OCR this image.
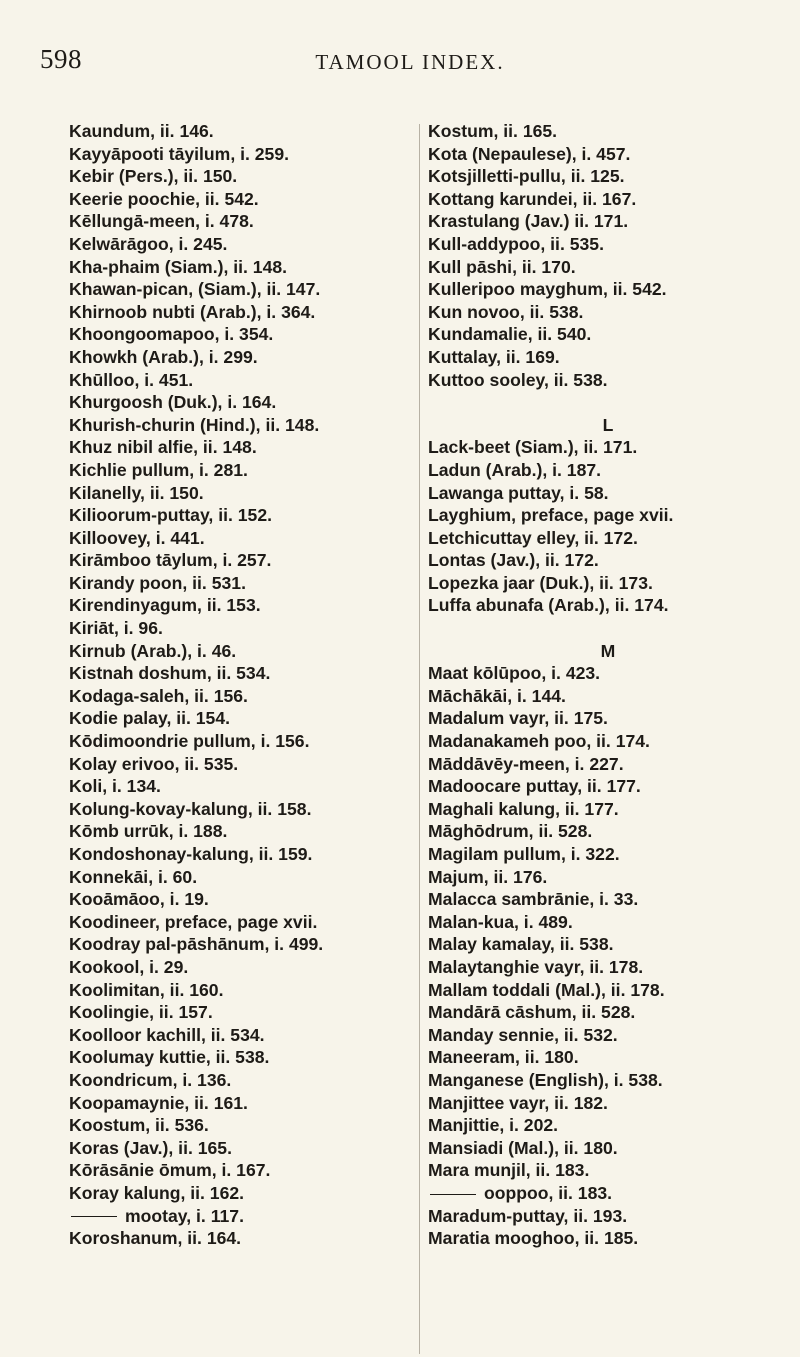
598	TAMOOL INDEX.
Kaundum, ii. 146.
Kayyāpooti tāyilum, i. 259.
Kebir (Pers.), ii. 150.
Keerie poochie, ii. 542.
Kēllungā-meen, i. 478.
Kelwārāgoo, i. 245.
Kha-phaim (Siam.), ii. 148.
Khawan-pican, (Siam.), ii. 147.
Khirnoob nubti (Arab.), i. 364.
Khoongoomapoo, i. 354.
Khowkh (Arab.), i. 299.
Khūlloo, i. 451.
Khurgoosh (Duk.), i. 164.
Khurish-churin (Hind.), ii. 148.
Khuz nibil alfie, ii. 148.
Kichlie pullum, i. 281.
Kilanelly, ii. 150.
Kilioorum-puttay, ii. 152.
Killoovey, i. 441.
Kirāmboo tāylum, i. 257.
Kirandy poon, ii. 531.
Kirendinyagum, ii. 153.
Kiriāt, i. 96.
Kirnub (Arab.), i. 46.
Kistnah doshum, ii. 534.
Kodaga-saleh, ii. 156.
Kodie palay, ii. 154.
Kōdimoondrie pullum, i. 156.
Kolay erivoo, ii. 535.
Koli, i. 134.
Kolung-kovay-kalung, ii. 158.
Kōmb urrūk, i. 188.
Kondoshonay-kalung, ii. 159.
Konnekāi, i. 60.
Kooāmāoo, i. 19.
Koodineer, preface, page xvii.
Koodray pal-pāshānum, i. 499.
Kookool, i. 29.
Koolimitan, ii. 160.
Koolingie, ii. 157.
Koolloor kachill, ii. 534.
Koolumay kuttie, ii. 538.
Koondricum, i. 136.
Koopamaynie, ii. 161.
Koostum, ii. 536.
Koras (Jav.), ii. 165.
Kōrāsānie ōmum, i. 167.
Koray kalung, ii. 162.
mootay, i. 117.
Koroshanum, ii. 164.
Kostum, ii. 165.
Kota (Nepaulese), i. 457.
Kotsjilletti-pullu, ii. 125.
Kottang karundei, ii. 167.
Krastulang (Jav.) ii. 171.
Kull-addypoo, ii. 535.
Kull pāshi, ii. 170.
Kulleripoo mayghum, ii. 542.
Kun novoo, ii. 538.
Kundamalie, ii. 540.
Kuttalay, ii. 169.
Kuttoo sooley, ii. 538.
L
Lack-beet (Siam.), ii. 171.
Ladun (Arab.), i. 187.
Lawanga puttay, i. 58.
Layghium, preface, page xvii.
Letchicuttay elley, ii. 172.
Lontas (Jav.), ii. 172.
Lopezka jaar (Duk.), ii. 173.
Luffa abunafa (Arab.), ii. 174.
M
Maat kōlūpoo, i. 423.
Māchākāi, i. 144.
Madalum vayr, ii. 175.
Madanakameh poo, ii. 174.
Māddāvēy-meen, i. 227.
Madoocare puttay, ii. 177.
Maghali kalung, ii. 177.
Māghōdrum, ii. 528.
Magilam pullum, i. 322.
Majum, ii. 176.
Malacca sambrānie, i. 33.
Malan-kua, i. 489.
Malay kamalay, ii. 538.
Malaytanghie vayr, ii. 178.
Mallam toddali (Mal.), ii. 178.
Mandārā cāshum, ii. 528.
Manday sennie, ii. 532.
Maneeram, ii. 180.
Manganese (English), i. 538.
Manjittee vayr, ii. 182.
Manjittie, i. 202.
Mansiadi (Mal.), ii. 180.
Mara munjil, ii. 183.
ooppoo, ii. 183.
Maradum-puttay, ii. 193.
Maratia mooghoo, ii. 185.
